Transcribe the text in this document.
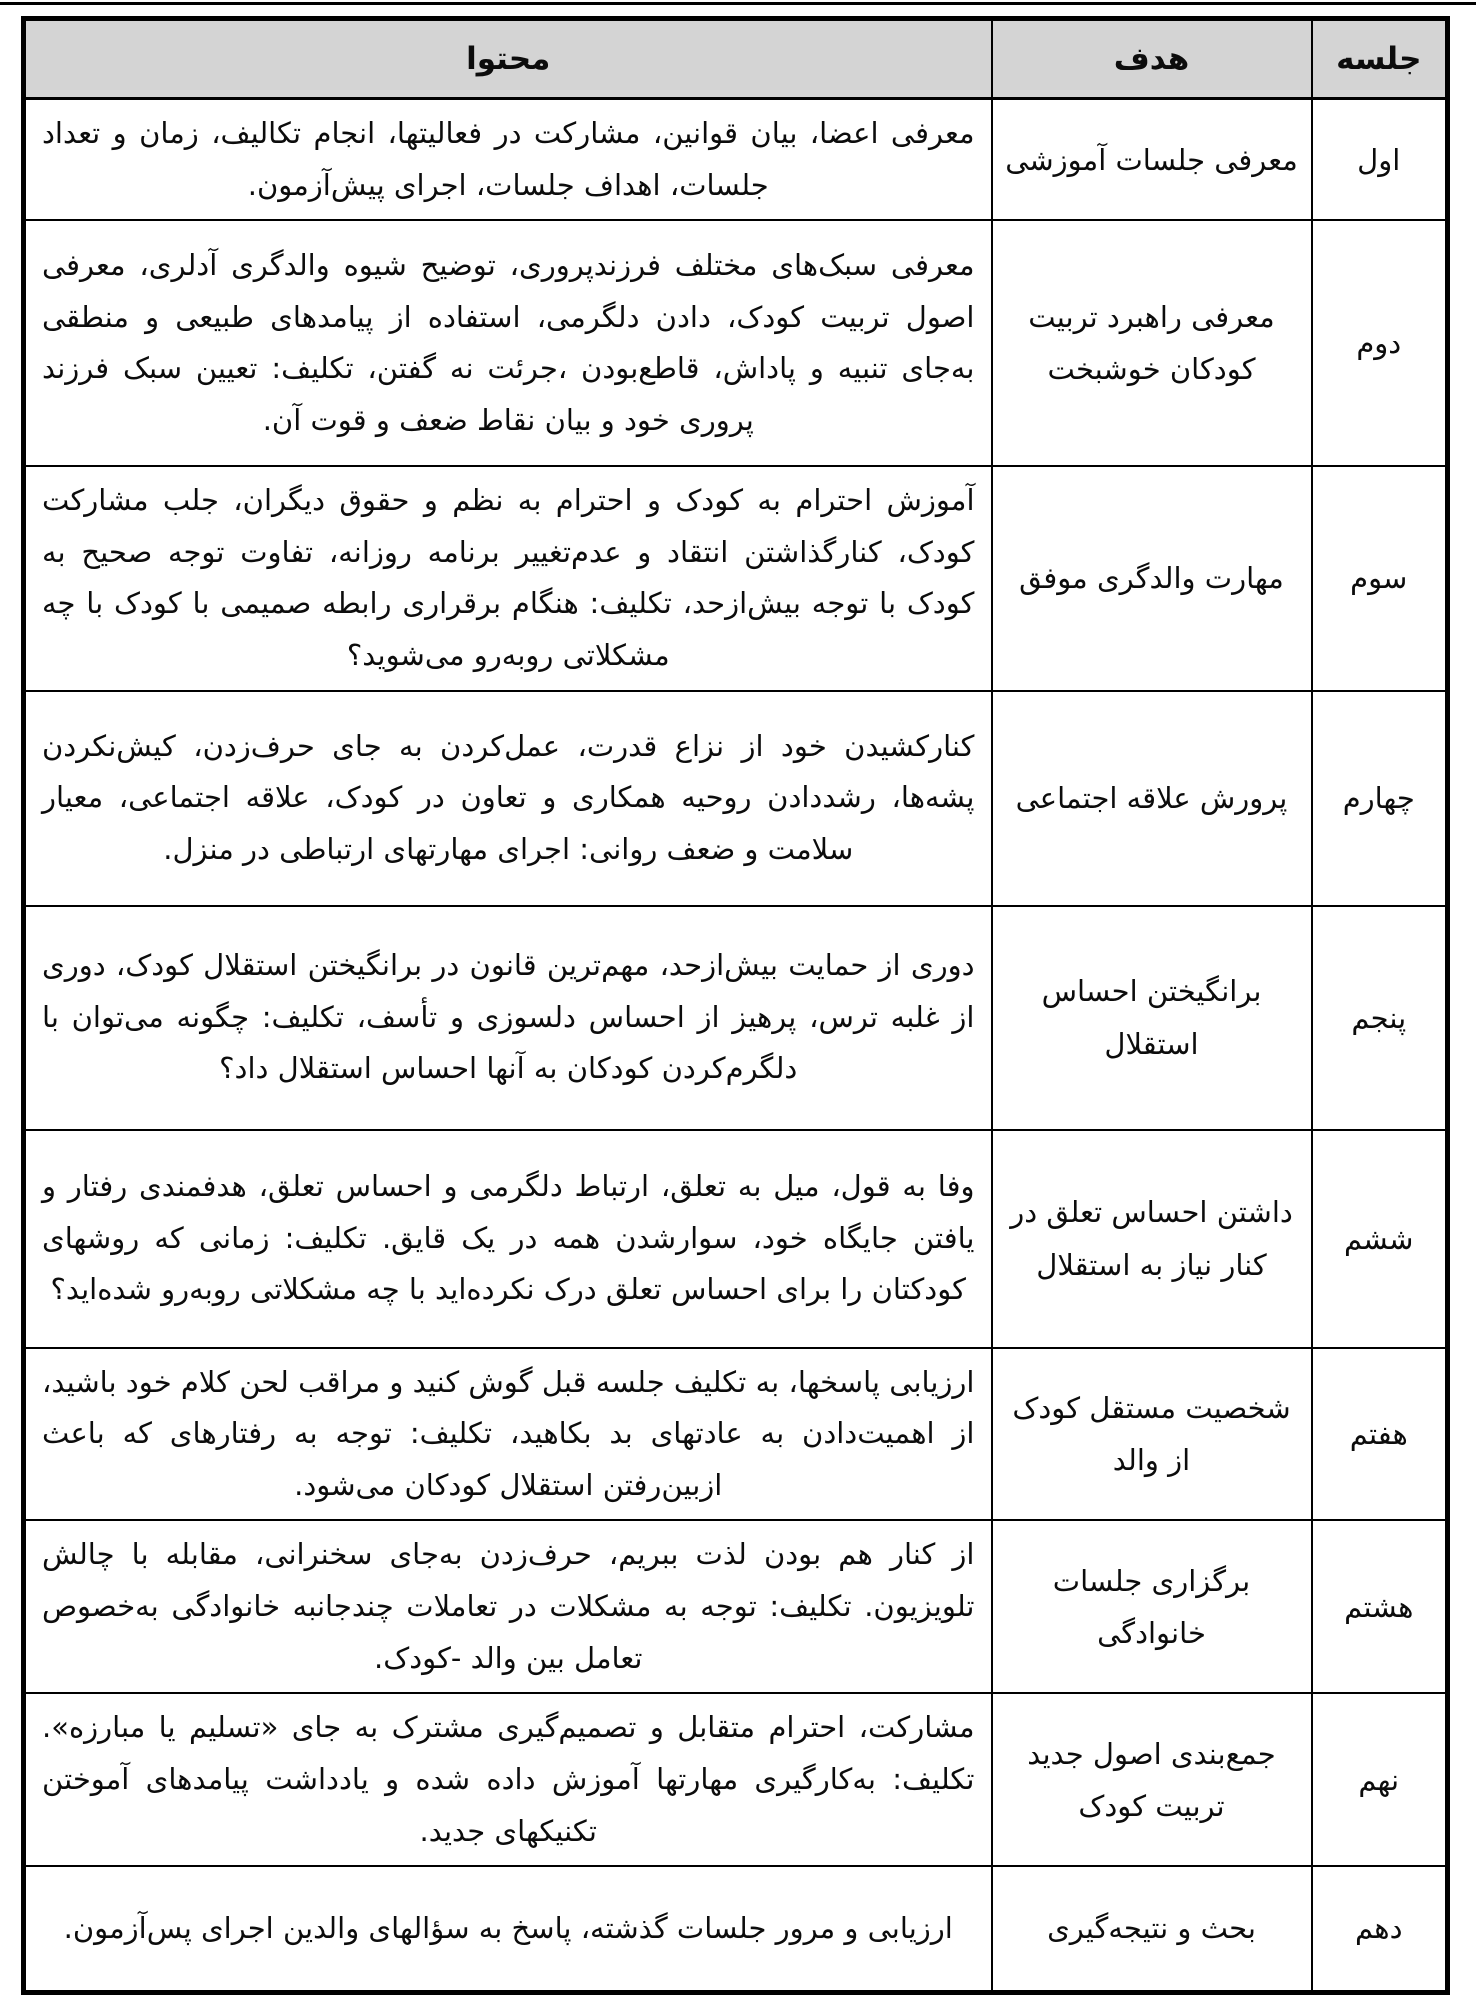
جلسه	هدف	محتوا
اول	معرفی جلسات آموزشی	معرفی اعضا، بیان قوانین، مشارکت در فعالیتها، انجام تکالیف، زمان و تعداد جلسات، اهداف جلسات، اجرای پیش‌آزمون.
دوم	معرفی راهبرد تربیت کودکان خوشبخت	معرفی سبک‌های مختلف فرزندپروری، توضیح شیوه والدگری آدلری، معرفی اصول تربیت کودک، دادن دلگرمی، استفاده از پیامدهای طبیعی و منطقی به‌جای تنبیه و پاداش، قاطع‌بودن ،جرئت نه گفتن، تکلیف: تعیین سبک فرزند پروری خود و بیان نقاط ضعف و قوت آن.
سوم	مهارت والدگری موفق	آموزش احترام به کودک و احترام به نظم و حقوق دیگران، جلب مشارکت کودک، کنارگذاشتن انتقاد و عدم‌تغییر برنامه روزانه، تفاوت توجه صحیح به کودک با توجه بیش‌ازحد، تکلیف: هنگام برقراری رابطه صمیمی با کودک با چه مشکلاتی روبه‌رو می‌شوید؟
چهارم	پرورش علاقه اجتماعی	کنارکشیدن خود از نزاع قدرت، عمل‌کردن به جای حرف‌زدن، کیش‌نکردن پشه‌ها، رشددادن روحیه همکاری و تعاون در کودک، علاقه اجتماعی، معیار سلامت و ضعف روانی: اجرای مهارتهای ارتباطی در منزل.
پنجم	برانگیختن احساس استقلال	دوری از حمایت بیش‌ازحد، مهم‌ترین قانون در برانگیختن استقلال کودک، دوری از غلبه ترس، پرهیز از احساس دلسوزی و تأسف، تکلیف: چگونه می‌توان با دلگرم‌کردن کودکان به آنها احساس استقلال داد؟
ششم	داشتن احساس تعلق در کنار نیاز به استقلال	وفا به قول، میل به تعلق، ارتباط دلگرمی و احساس تعلق، هدفمندی رفتار و یافتن جایگاه خود، سوارشدن همه در یک قایق. تکلیف: زمانی که روشهای کودکتان را برای احساس تعلق درک نکرده‌اید با چه مشکلاتی روبه‌رو شده‌اید؟
هفتم	شخصیت مستقل کودک از والد	ارزیابی پاسخها، به تکلیف جلسه قبل گوش کنید و مراقب لحن کلام خود باشید، از اهمیت‌دادن به عادتهای بد بکاهید، تکلیف: توجه به رفتارهای که باعث ازبین‌رفتن استقلال کودکان می‌شود.
هشتم	برگزاری جلسات خانوادگی	از کنار هم بودن لذت ببریم، حرف‌زدن به‌جای سخنرانی، مقابله با چالش تلویزیون. تکلیف: توجه به مشکلات در تعاملات چندجانبه خانوادگی به‌خصوص تعامل بین والد -کودک.
نهم	جمع‌بندی اصول جدید تربیت کودک	مشارکت، احترام متقابل و تصمیم‌گیری مشترک به جای «تسلیم یا مبارزه». تکلیف: به‌کارگیری مهارتها آموزش داده شده و یادداشت پیامدهای آموختن تکنیکهای جدید.
دهم	بحث و نتیجه‌گیری	ارزیابی و مرور جلسات گذشته، پاسخ به سؤالهای والدین اجرای پس‌آزمون.
